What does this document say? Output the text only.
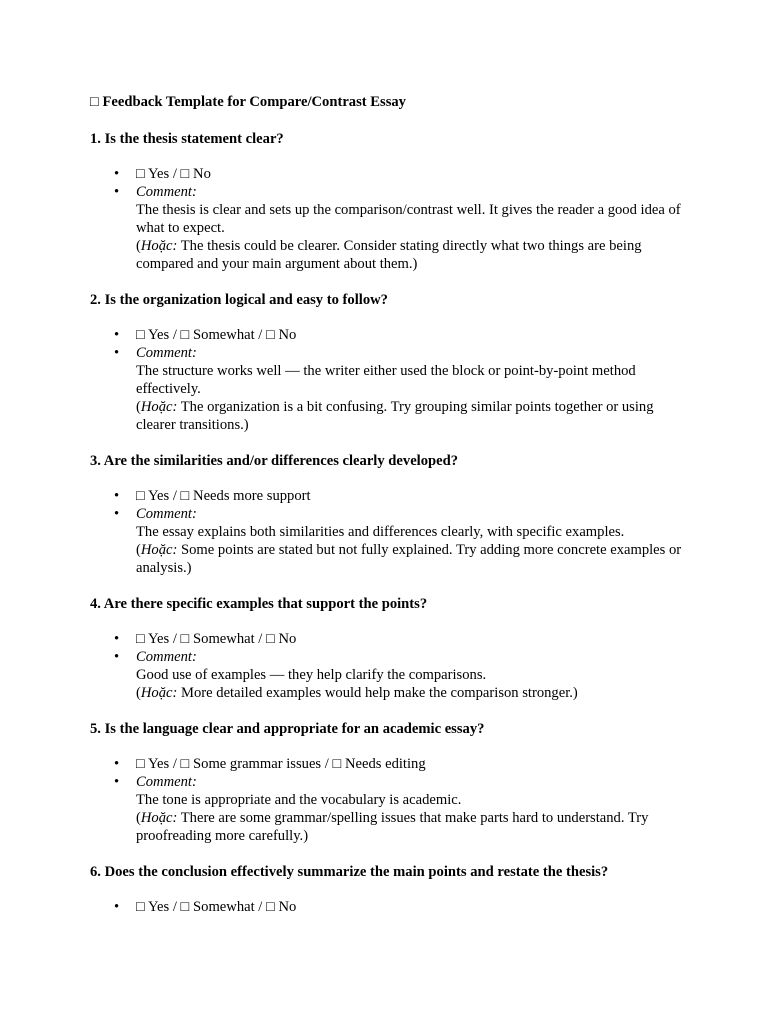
□ Feedback Template for Compare/Contrast Essay
1. Is the thesis statement clear?
• □ Yes / □ No
• Comment:
The thesis is clear and sets up the comparison/contrast well. It gives the reader a good idea of what to expect.
(Hoặc: The thesis could be clearer. Consider stating directly what two things are being compared and your main argument about them.)
2. Is the organization logical and easy to follow?
• □ Yes / □ Somewhat / □ No
• Comment:
The structure works well — the writer either used the block or point-by-point method effectively.
(Hoặc: The organization is a bit confusing. Try grouping similar points together or using clearer transitions.)
3. Are the similarities and/or differences clearly developed?
• □ Yes / □ Needs more support
• Comment:
The essay explains both similarities and differences clearly, with specific examples.
(Hoặc: Some points are stated but not fully explained. Try adding more concrete examples or analysis.)
4. Are there specific examples that support the points?
• □ Yes / □ Somewhat / □ No
• Comment:
Good use of examples — they help clarify the comparisons.
(Hoặc: More detailed examples would help make the comparison stronger.)
5. Is the language clear and appropriate for an academic essay?
• □ Yes / □ Some grammar issues / □ Needs editing
• Comment:
The tone is appropriate and the vocabulary is academic.
(Hoặc: There are some grammar/spelling issues that make parts hard to understand. Try proofreading more carefully.)
6. Does the conclusion effectively summarize the main points and restate the thesis?
• □ Yes / □ Somewhat / □ No
